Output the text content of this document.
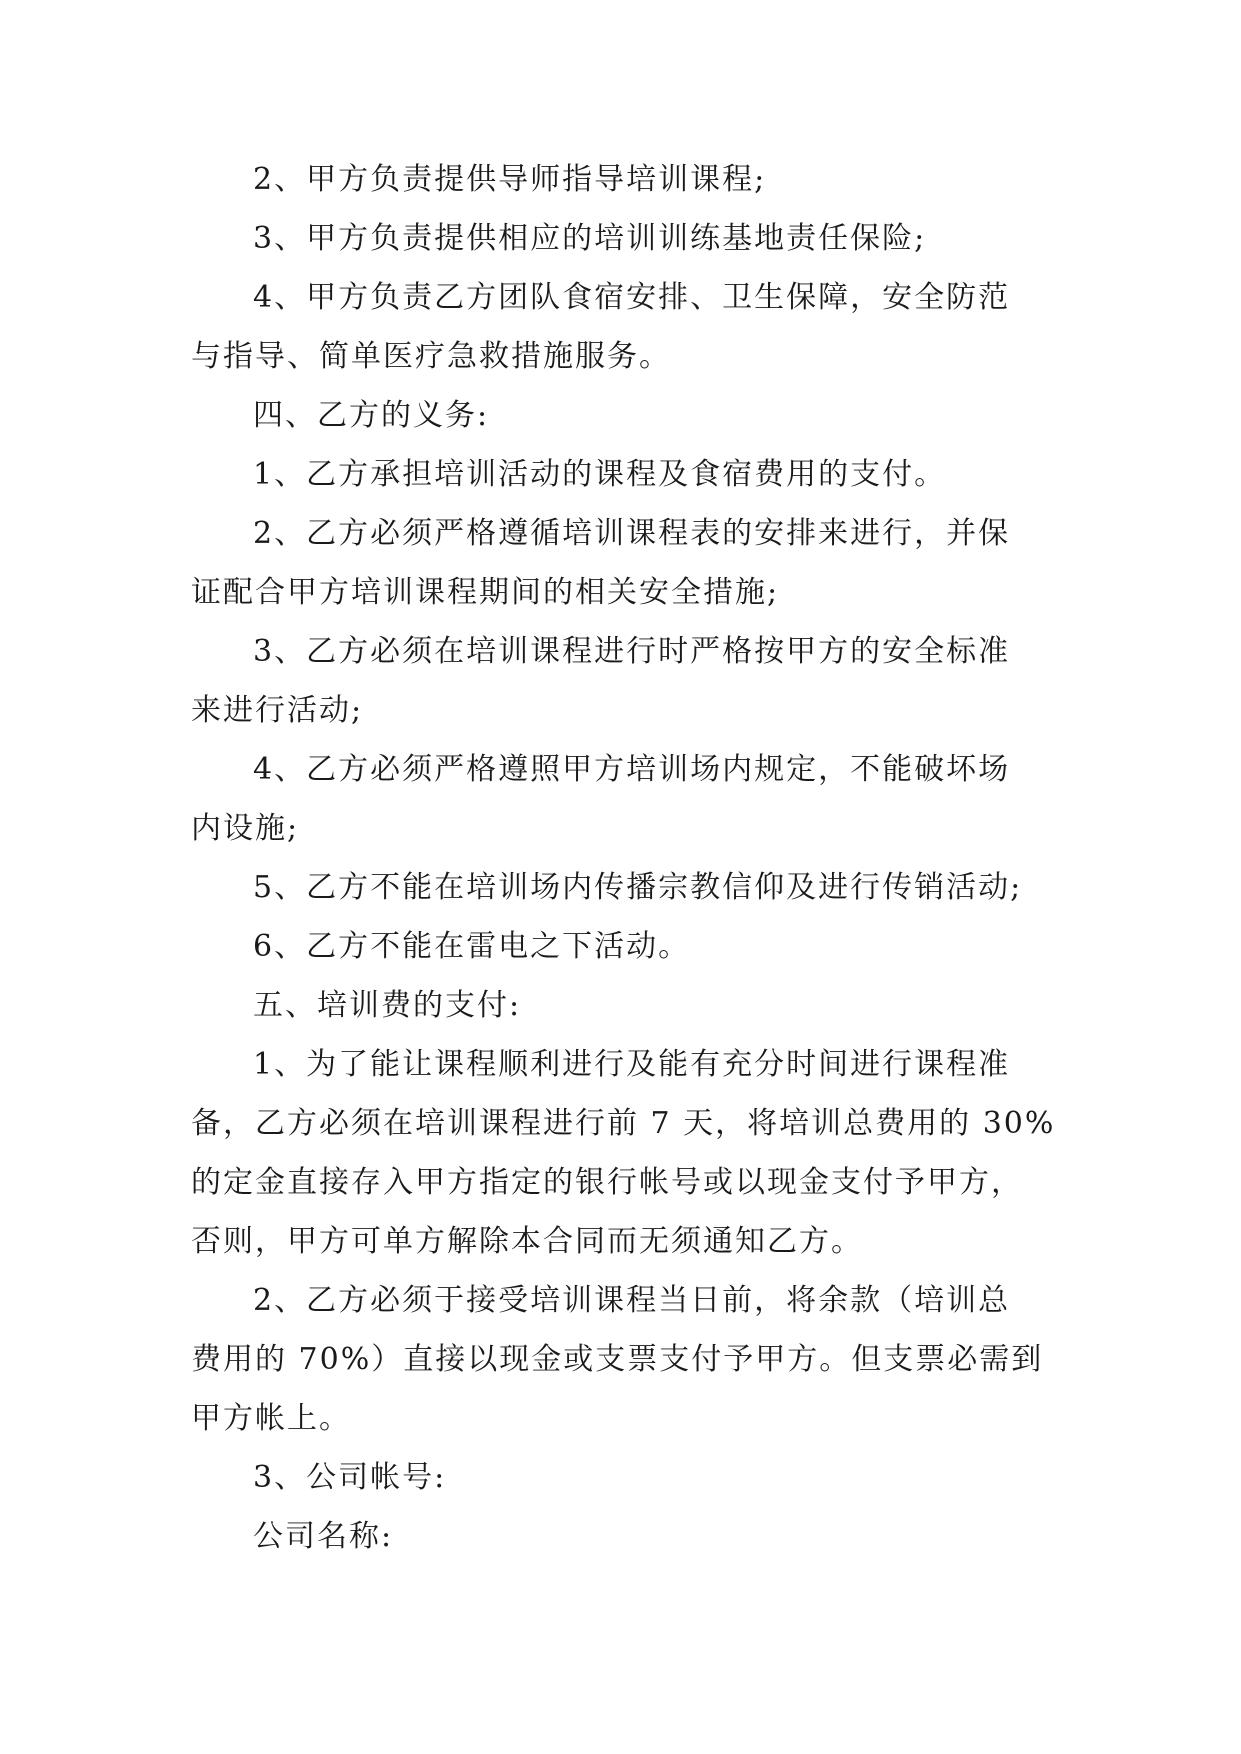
2、甲方负责提供导师指导培训课程;
3、甲方负责提供相应的培训训练基地责任保险;
4、甲方负责乙方团队食宿安排、卫生保障，安全防范
与指导、简单医疗急救措施服务。
四、乙方的义务:
1、乙方承担培训活动的课程及食宿费用的支付。
2、乙方必须严格遵循培训课程表的安排来进行，并保
证配合甲方培训课程期间的相关安全措施;
3、乙方必须在培训课程进行时严格按甲方的安全标准
来进行活动;
4、乙方必须严格遵照甲方培训场内规定，不能破坏场
内设施;
5、乙方不能在培训场内传播宗教信仰及进行传销活动;
6、乙方不能在雷电之下活动。
五、培训费的支付:
1、为了能让课程顺利进行及能有充分时间进行课程准
备，乙方必须在培训课程进行前 7 天，将培训总费用的 30%
的定金直接存入甲方指定的银行帐号或以现金支付予甲方，
否则，甲方可单方解除本合同而无须通知乙方。
2、乙方必须于接受培训课程当日前，将余款（培训总
费用的 70%）直接以现金或支票支付予甲方。但支票必需到
甲方帐上。
3、公司帐号:
公司名称:
